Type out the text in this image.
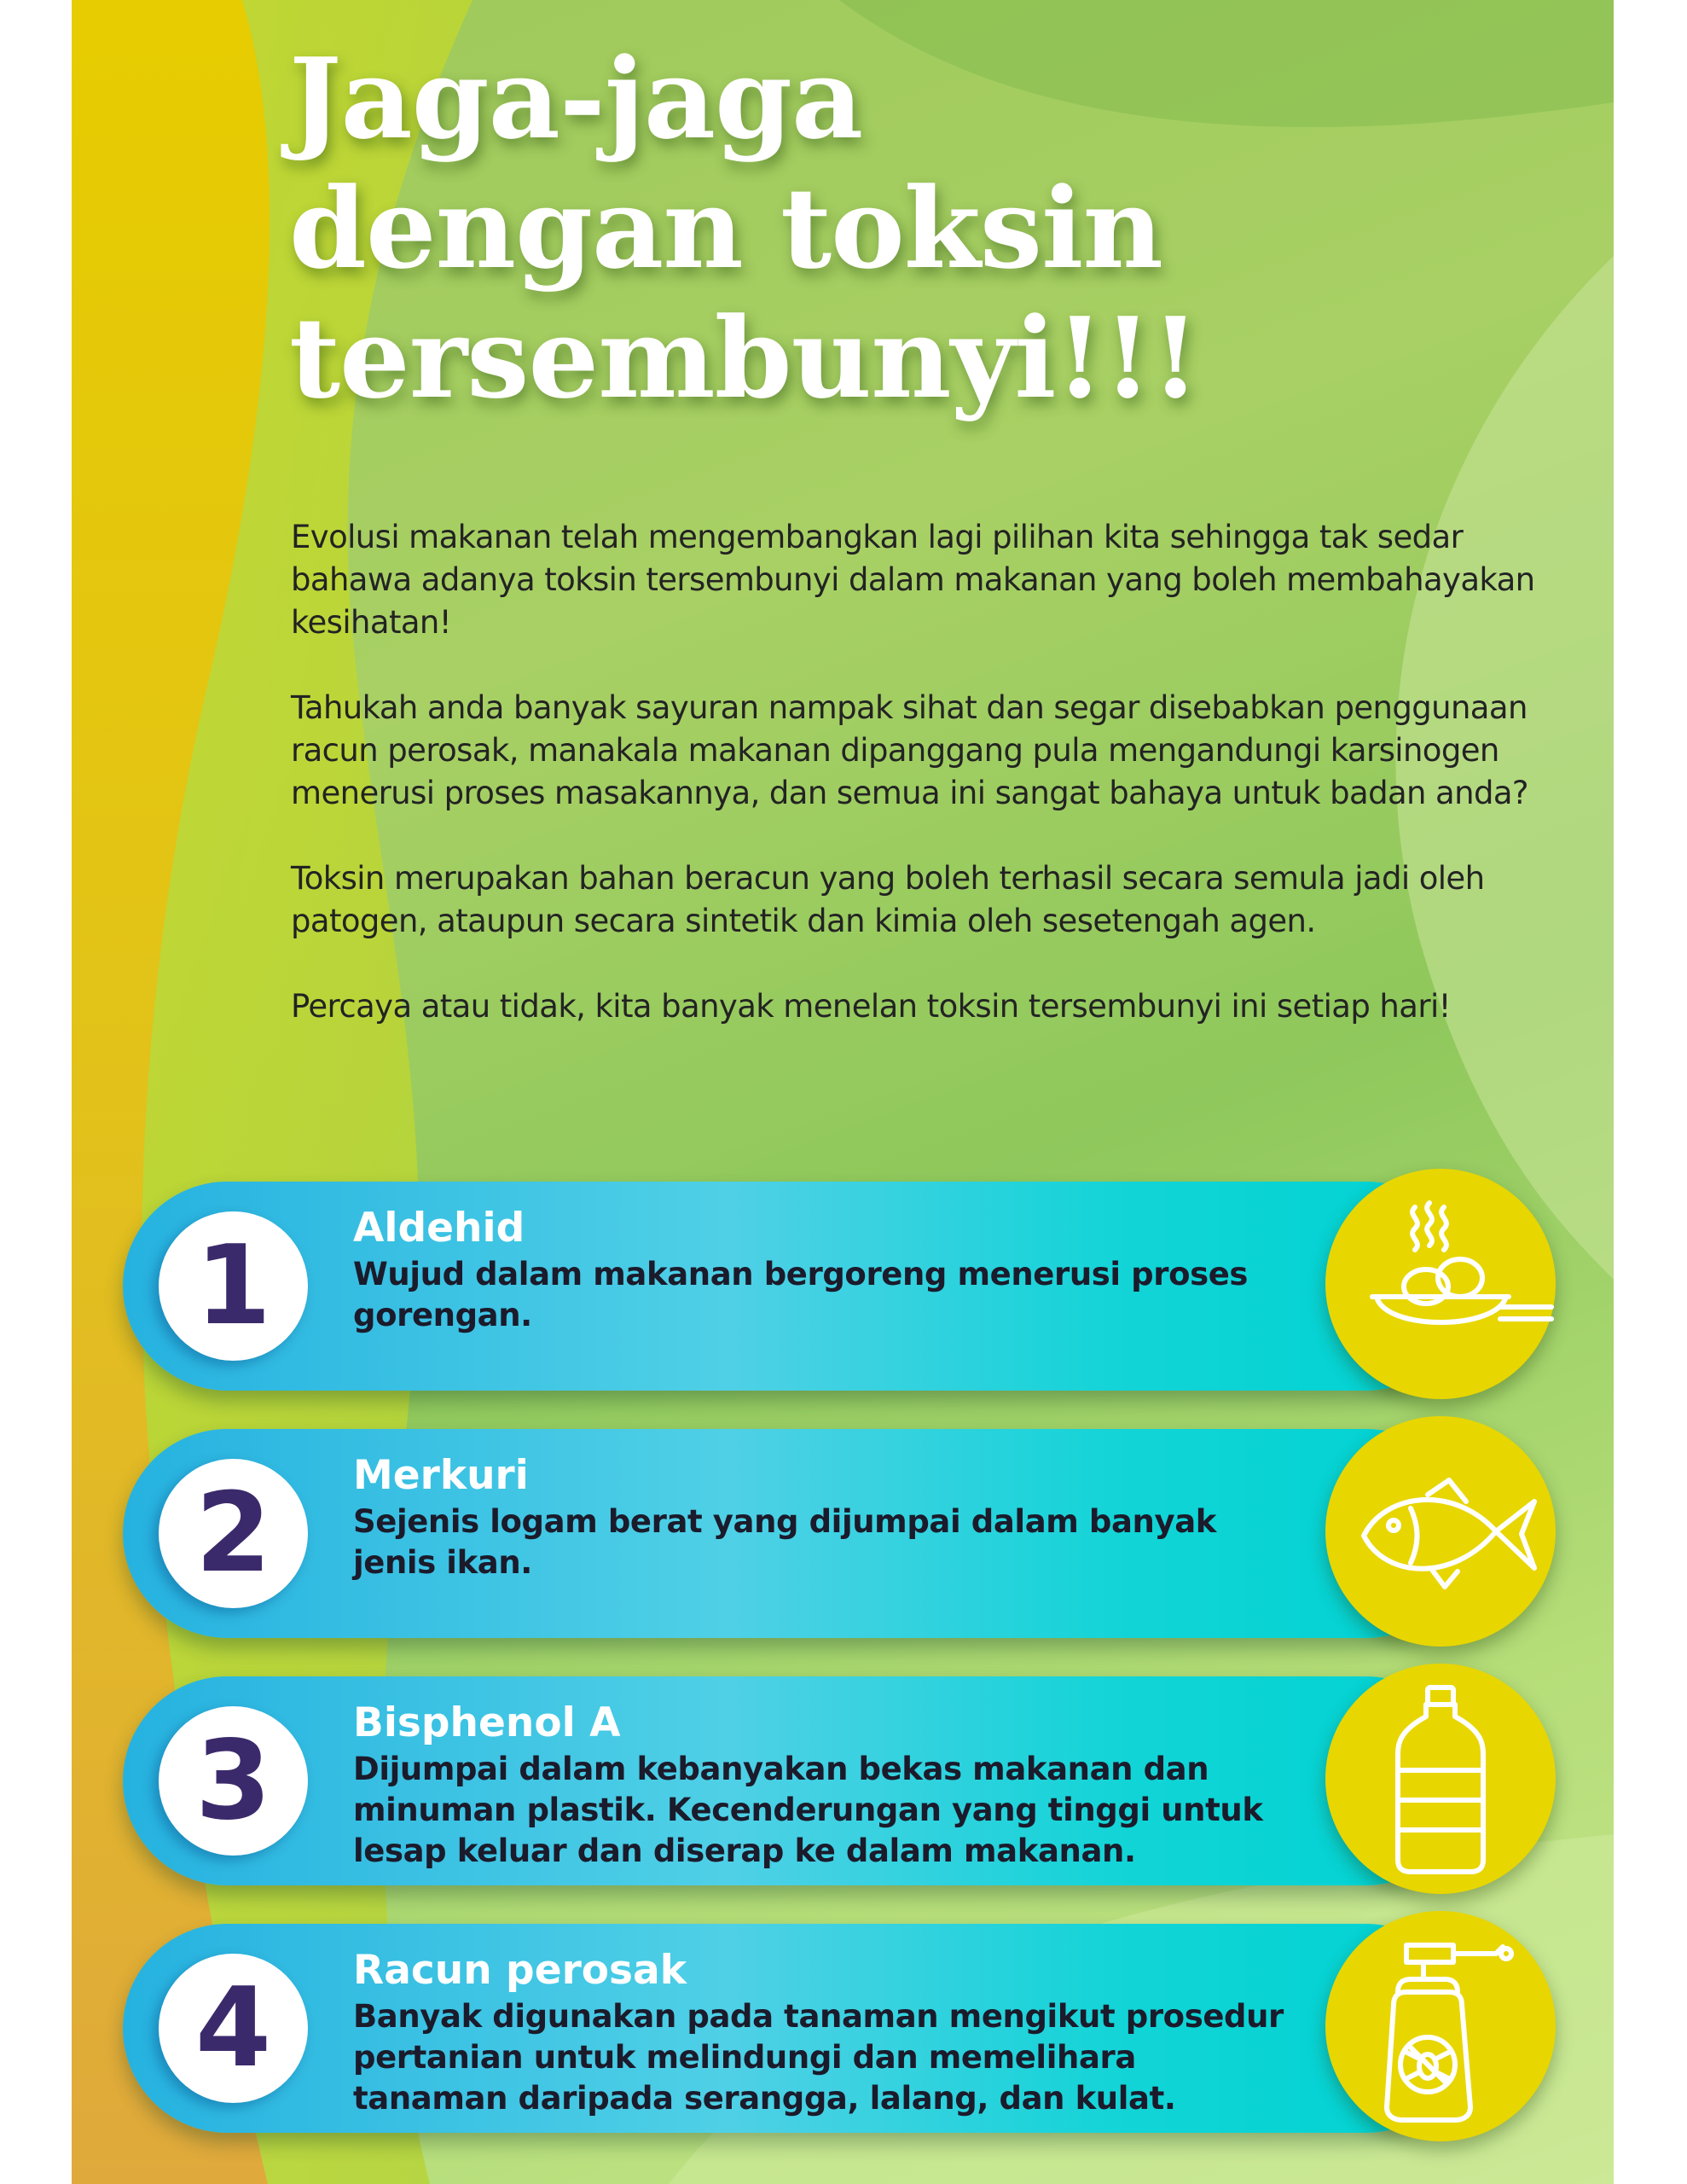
Jaga-jaga
dengan toksin
tersembunyi!!!

Evolusi makanan telah mengembangkan lagi pilihan kita sehingga tak sedar bahawa adanya toksin tersembunyi dalam makanan yang boleh membahayakan kesihatan!

Tahukah anda banyak sayuran nampak sihat dan segar disebabkan penggunaan racun perosak, manakala makanan dipanggang pula mengandungi karsinogen menerusi proses masakannya, dan semua ini sangat bahaya untuk badan anda?

Toksin merupakan bahan beracun yang boleh terhasil secara semula jadi oleh patogen, ataupun secara sintetik dan kimia oleh sesetengah agen.

Percaya atau tidak, kita banyak menelan toksin tersembunyi ini setiap hari!

1	Aldehid
Wujud dalam makanan bergoreng menerusi proses gorengan.
2	Merkuri
Sejenis logam berat yang dijumpai dalam banyak jenis ikan.
3	Bisphenol A
Dijumpai dalam kebanyakan bekas makanan dan minuman plastik. Kecenderungan yang tinggi untuk lesap keluar dan diserap ke dalam makanan.
4	Racun perosak
Banyak digunakan pada tanaman mengikut prosedur pertanian untuk melindungi dan memelihara tanaman daripada serangga, lalang, dan kulat.
